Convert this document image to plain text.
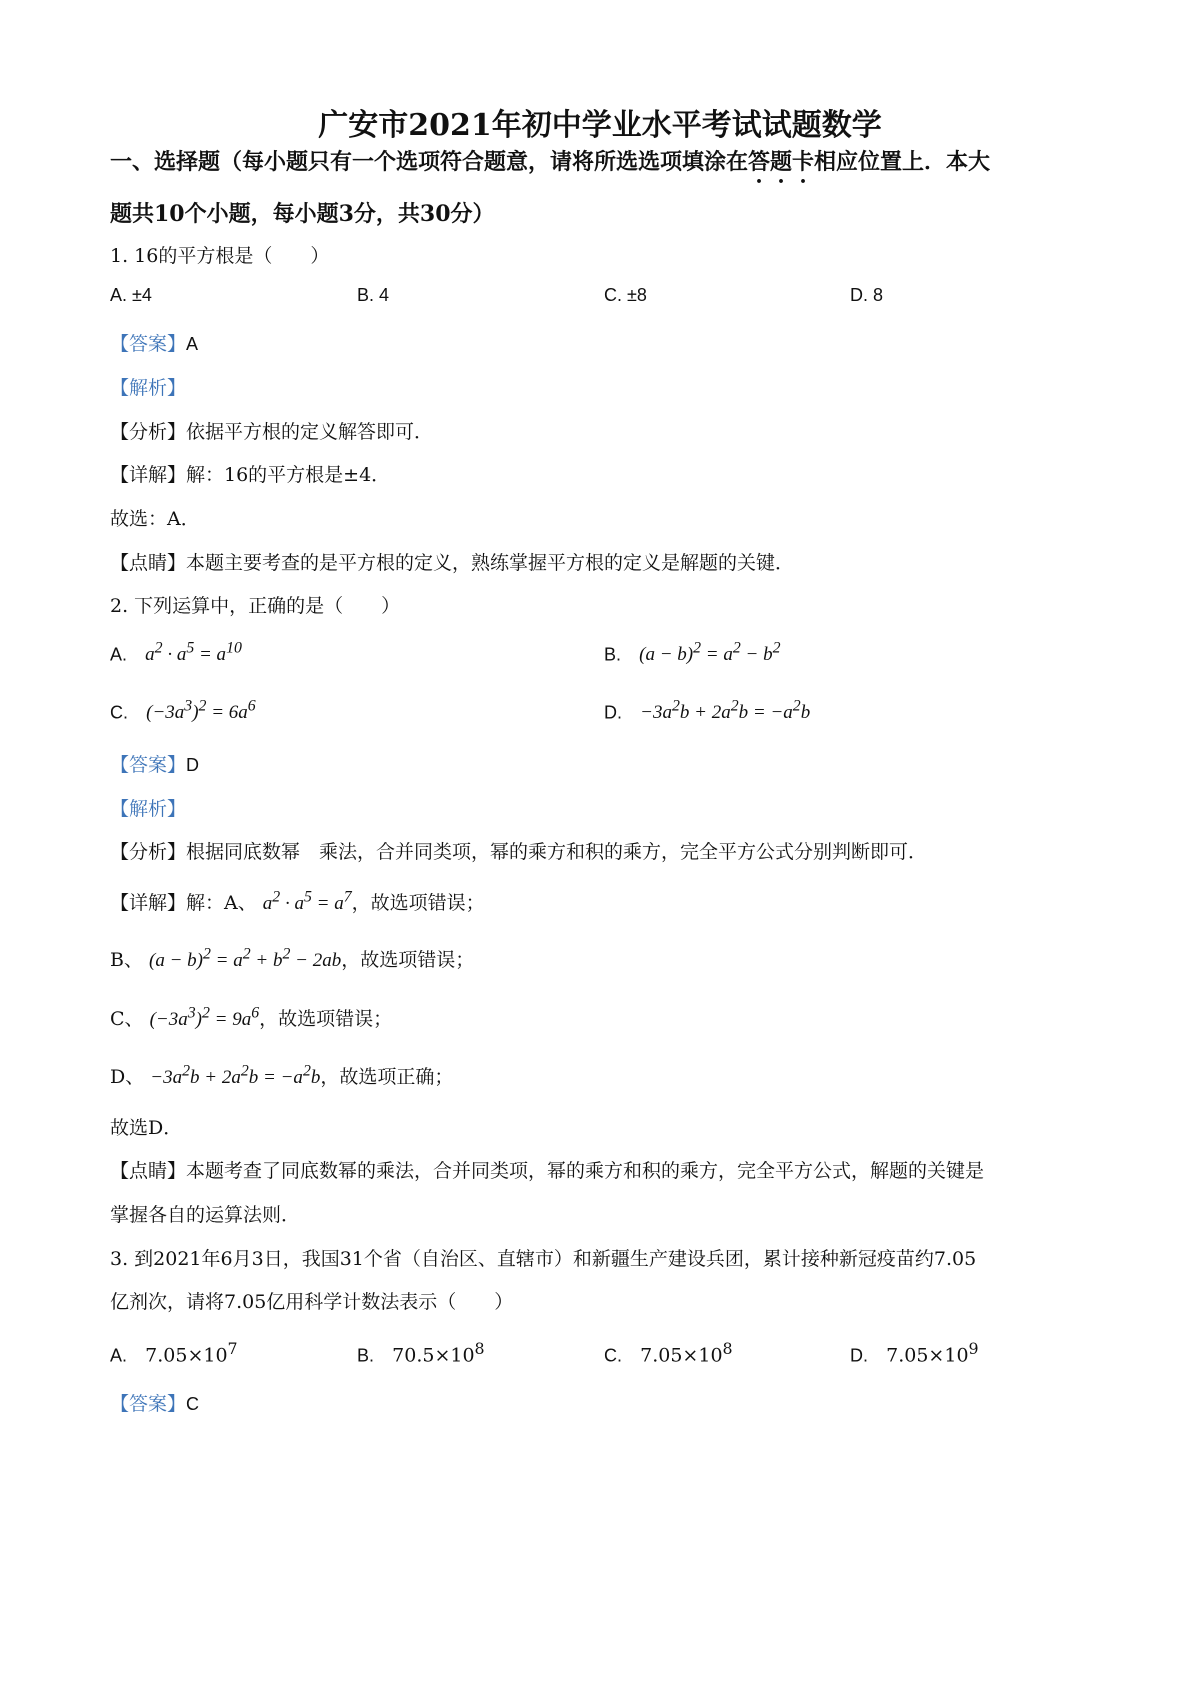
广安市2021年初中学业水平考试试题数学
一、选择题（每小题只有一个选项符合题意，请将所选选项填涂在答题卡相应位置上．本大
题共10个小题，每小题3分，共30分）
1. 16的平方根是（　　）
A. ±4	B. 4	C. ±8	D. 8
【答案】A
【解析】
【分析】依据平方根的定义解答即可．
【详解】解：16的平方根是±4．
故选：A．
【点睛】本题主要考查的是平方根的定义，熟练掌握平方根的定义是解题的关键．
2. 下列运算中，正确的是（　　）
A. $a^2 \cdot a^5 = a^{10}$	B. $(a - b)^2 = a^2 - b^2$
C. $(-3a^3)^2 = 6a^6$	D. $-3a^2b + 2a^2b = -a^2b$
【答案】D
【解析】
【分析】根据同底数幂　乘法，合并同类项，幂的乘方和积的乘方，完全平方公式分别判断即可．
【详解】解：A、 $a^2 \cdot a^5 = a^7$，故选项错误；
B、 $(a - b)^2 = a^2 + b^2 - 2ab$，故选项错误；
C、 $(-3a^3)^2 = 9a^6$，故选项错误；
D、 $-3a^2b + 2a^2b = -a^2b$，故选项正确；
故选D．
【点睛】本题考查了同底数幂的乘法，合并同类项，幂的乘方和积的乘方，完全平方公式，解题的关键是
掌握各自的运算法则．
3. 到2021年6月3日，我国31个省（自治区、直辖市）和新疆生产建设兵团，累计接种新冠疫苗约7.05
亿剂次，请将7.05亿用科学计数法表示（　　）
A. $7.05\times 10^7$	B. $70.5\times 10^8$	C. $7.05\times 10^8$	D. $7.05\times 10^9$
【答案】C
